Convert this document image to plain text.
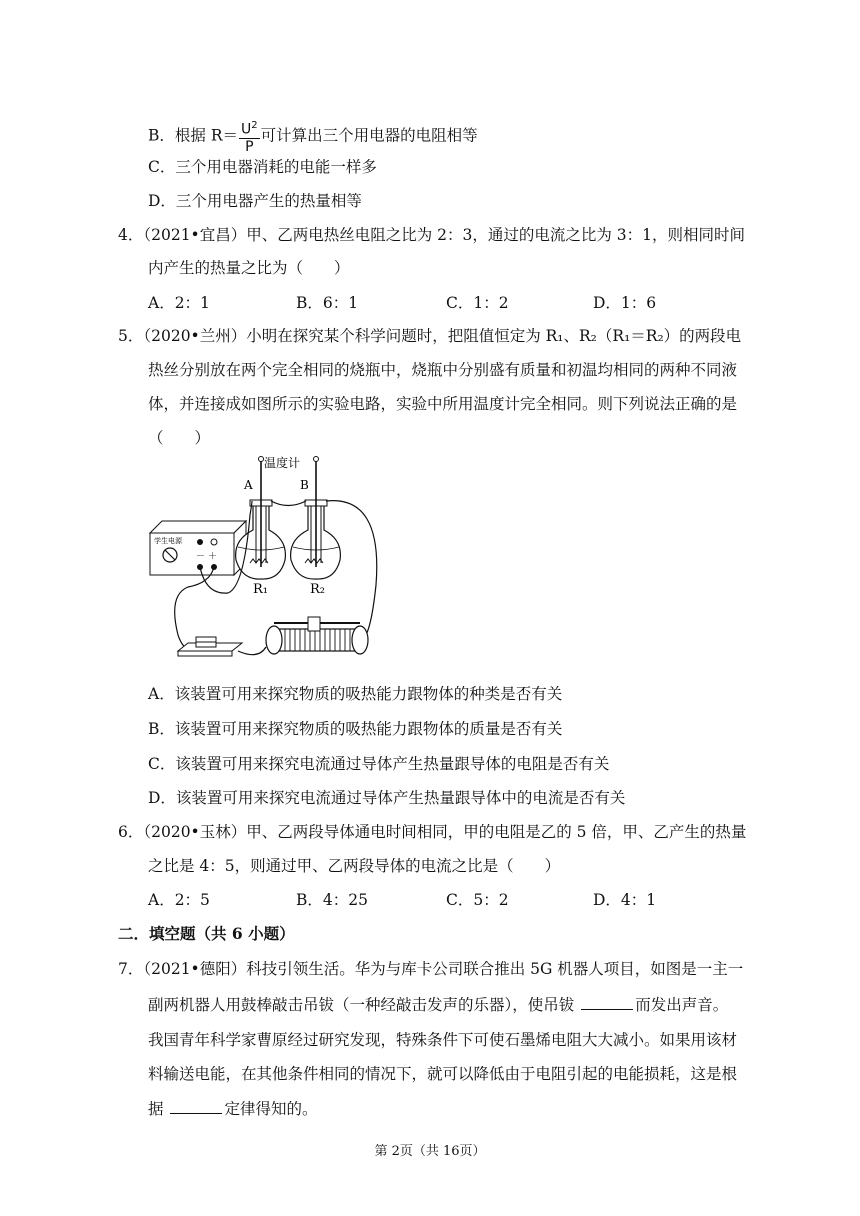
B．根据 $R= \frac{U^2}{P}$ 可计算出三个用电器的电阻相等
C．三个用电器消耗的电能一样多
D．三个用电器产生的热量相等
4．（2021•宜昌）甲、乙两电热丝电阻之比为 2：3，通过的电流之比为 3：1，则相同时间
内产生的热量之比为（　　）
A．2：1	B．6：1	C．1：2	D．1：6
5．（2020•兰州）小明在探究某个科学问题时，把阻值恒定为 R₁、R₂（R₁＝R₂）的两段电
热丝分别放在两个完全相同的烧瓶中，烧瓶中分别盛有质量和初温均相同的两种不同液
体，并连接成如图所示的实验电路，实验中所用温度计完全相同。则下列说法正确的是
（　　）
学生电源
－ ＋
温度计
A	B
R₁	R₂
A．该装置可用来探究物质的吸热能力跟物体的种类是否有关
B．该装置可用来探究物质的吸热能力跟物体的质量是否有关
C．该装置可用来探究电流通过导体产生热量跟导体的电阻是否有关
D．该装置可用来探究电流通过导体产生热量跟导体中的电流是否有关
6．（2020•玉林）甲、乙两段导体通电时间相同，甲的电阻是乙的 5 倍，甲、乙产生的热量
之比是 4：5，则通过甲、乙两段导体的电流之比是（　　）
A．2：5	B．4：25	C．5：2	D．4：1
二．填空题（共 6 小题）
7．（2021•德阳）科技引领生活。华为与库卡公司联合推出 5G 机器人项目，如图是一主一
副两机器人用鼓棒敲击吊钹（一种经敲击发声的乐器），使吊钹	而发出声音。
我国青年科学家曹原经过研究发现，特殊条件下可使石墨烯电阻大大减小。如果用该材
料输送电能，在其他条件相同的情况下，就可以降低由于电阻引起的电能损耗，这是根
据	定律得知的。
第 2页（共 16页）
